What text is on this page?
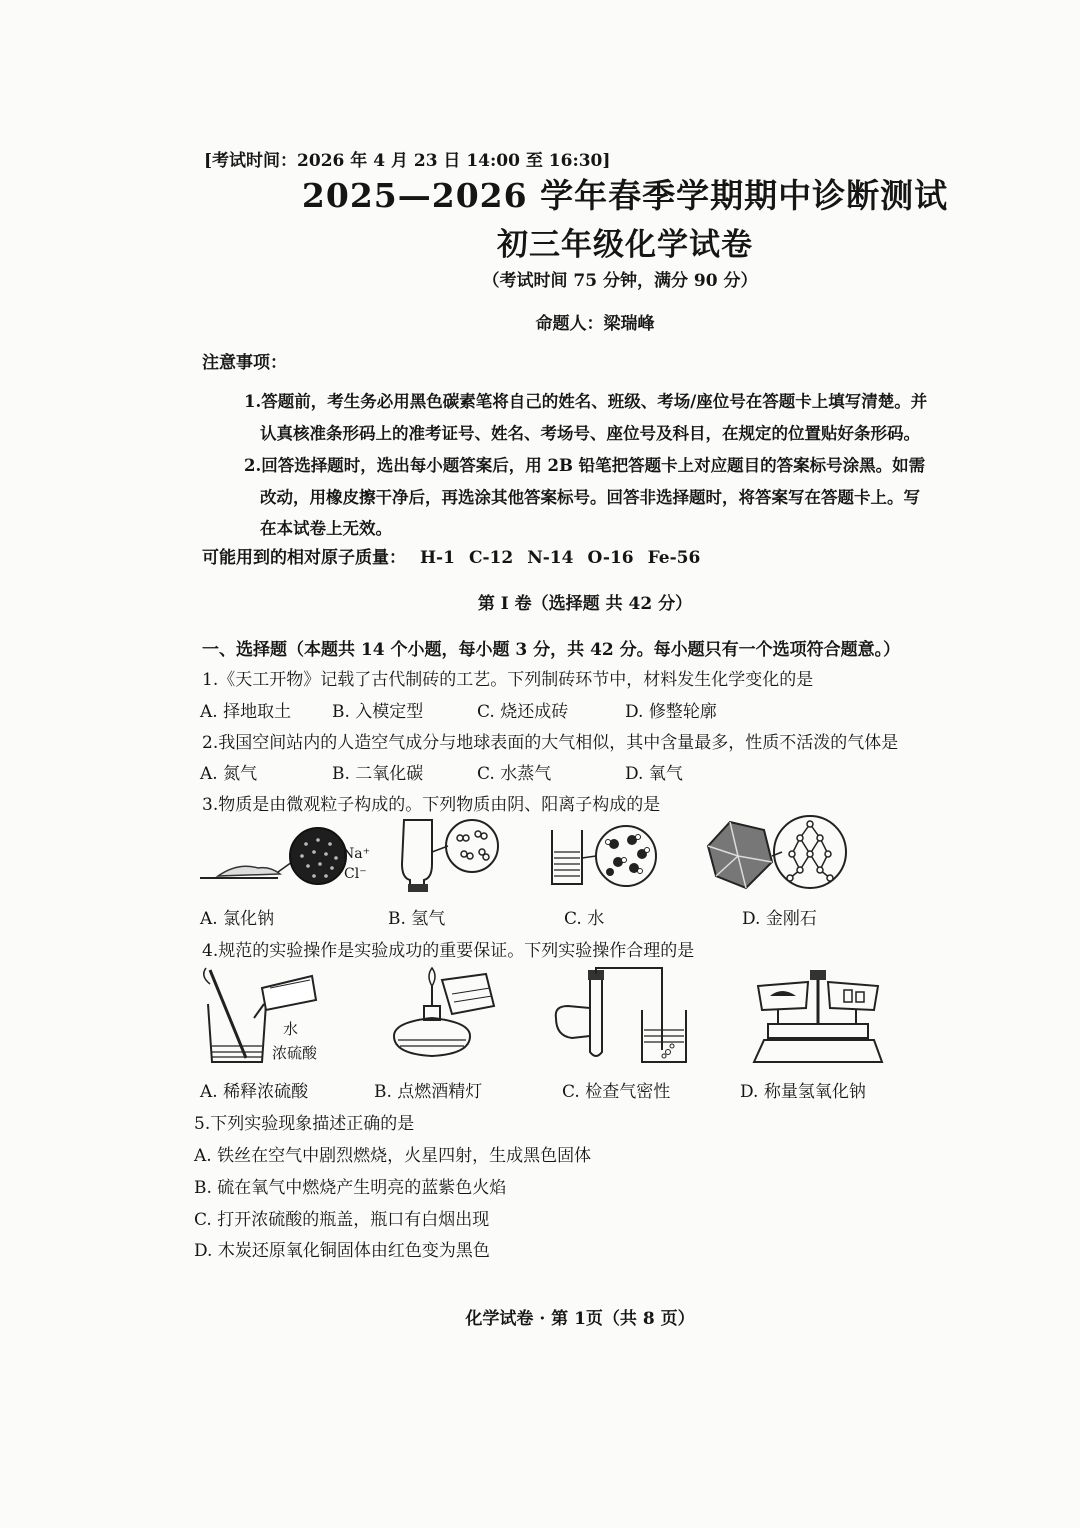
[考试时间：2026 年 4 月 23 日 14:00 至 16:30]
2025—2026 学年春季学期期中诊断测试
初三年级化学试卷
（考试时间 75 分钟，满分 90 分）
命题人：梁瑞峰
注意事项：
1.答题前，考生务必用黑色碳素笔将自己的姓名、班级、考场/座位号在答题卡上填写清楚。并
认真核准条形码上的准考证号、姓名、考场号、座位号及科目，在规定的位置贴好条形码。
2.回答选择题时，选出每小题答案后，用 2B 铅笔把答题卡上对应题目的答案标号涂黑。如需
改动，用橡皮擦干净后，再选涂其他答案标号。回答非选择题时，将答案写在答题卡上。写
在本试卷上无效。
可能用到的相对原子质量： H-1 C-12 N-14 O-16 Fe-56
第 I 卷（选择题 共 42 分）
一、选择题（本题共 14 个小题，每小题 3 分，共 42 分。每小题只有一个选项符合题意。）
1.《天工开物》记载了古代制砖的工艺。下列制砖环节中，材料发生化学变化的是
A. 择地取土	B. 入模定型	C. 烧还成砖	D. 修整轮廓
2.我国空间站内的人造空气成分与地球表面的大气相似，其中含量最多，性质不活泼的气体是
A. 氮气	B. 二氧化碳	C. 水蒸气	D. 氧气
3.物质是由微观粒子构成的。下列物质由阴、阳离子构成的是
Na⁺
Cl⁻
A. 氯化钠	B. 氢气	C. 水	D. 金刚石
4.规范的实验操作是实验成功的重要保证。下列实验操作合理的是
水
浓硫酸
A. 稀释浓硫酸	B. 点燃酒精灯	C. 检查气密性	D. 称量氢氧化钠
5.下列实验现象描述正确的是
A. 铁丝在空气中剧烈燃烧，火星四射，生成黑色固体
B. 硫在氧气中燃烧产生明亮的蓝紫色火焰
C. 打开浓硫酸的瓶盖，瓶口有白烟出现
D. 木炭还原氧化铜固体由红色变为黑色
化学试卷 · 第 1页（共 8 页）
